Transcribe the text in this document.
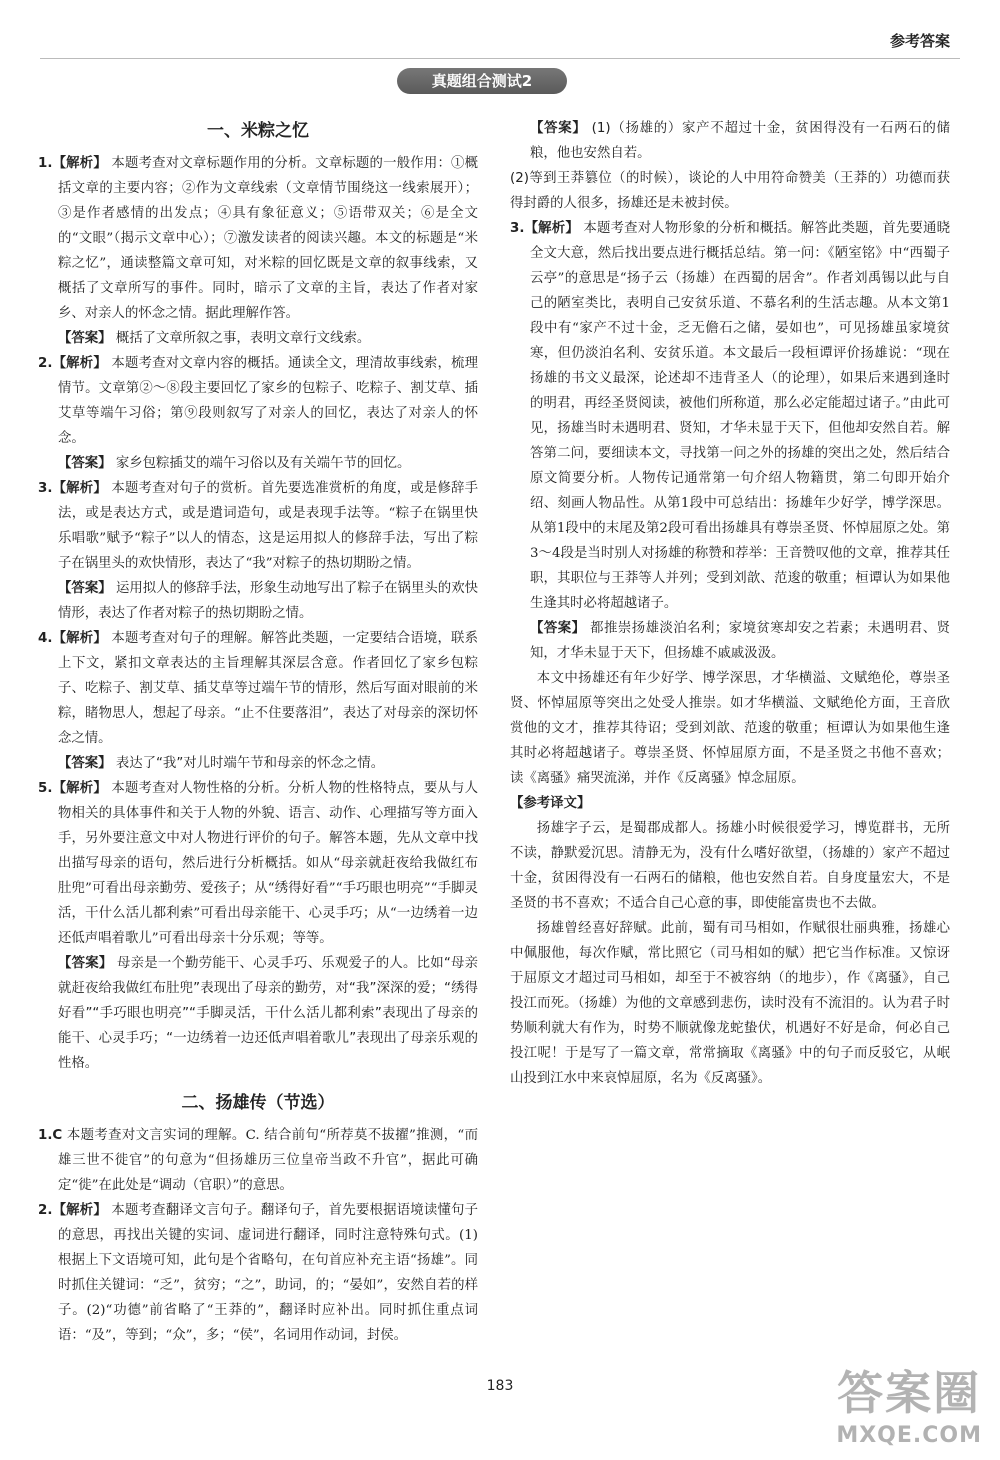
参考答案
真题组合测试2
一、米粽之忆

1.【解析】 本题考查对文章标题作用的分析。文章标题的一般作用：①概括文章的主要内容；②作为文章线索（文章情节围绕这一线索展开）；③是作者感情的出发点；④具有象征意义；⑤语带双关；⑥是全文的“文眼”（揭示文章中心）；⑦激发读者的阅读兴趣。本文的标题是“米粽之忆”，通读整篇文章可知，对米粽的回忆既是文章的叙事线索，又概括了文章所写的事件。同时，暗示了文章的主旨，表达了作者对家乡、对亲人的怀念之情。据此理解作答。

【答案】 概括了文章所叙之事，表明文章行文线索。

2.【解析】 本题考查对文章内容的概括。通读全文，理清故事线索，梳理情节。文章第②～⑧段主要回忆了家乡的包粽子、吃粽子、割艾草、插艾草等端午习俗；第⑨段则叙写了对亲人的回忆，表达了对亲人的怀念。

【答案】 家乡包粽插艾的端午习俗以及有关端午节的回忆。

3.【解析】 本题考查对句子的赏析。首先要选准赏析的角度，或是修辞手法，或是表达方式，或是遣词造句，或是表现手法等。“粽子在锅里快乐唱歌”赋予“粽子”以人的情态，这是运用拟人的修辞手法，写出了粽子在锅里头的欢快情形，表达了“我”对粽子的热切期盼之情。

【答案】 运用拟人的修辞手法，形象生动地写出了粽子在锅里头的欢快情形，表达了作者对粽子的热切期盼之情。

4.【解析】 本题考查对句子的理解。解答此类题，一定要结合语境，联系上下文，紧扣文章表达的主旨理解其深层含意。作者回忆了家乡包粽子、吃粽子、割艾草、插艾草等过端午节的情形，然后写面对眼前的米粽，睹物思人，想起了母亲。“止不住要落泪”，表达了对母亲的深切怀念之情。

【答案】 表达了“我”对儿时端午节和母亲的怀念之情。

5.【解析】 本题考查对人物性格的分析。分析人物的性格特点，要从与人物相关的具体事件和关于人物的外貌、语言、动作、心理描写等方面入手，另外要注意文中对人物进行评价的句子。解答本题，先从文章中找出描写母亲的语句，然后进行分析概括。如从“母亲就赶夜给我做红布肚兜”可看出母亲勤劳、爱孩子；从“绣得好看”“手巧眼也明亮”“手脚灵活，干什么活儿都利索”可看出母亲能干、心灵手巧；从“一边绣着一边还低声唱着歌儿”可看出母亲十分乐观；等等。

【答案】 母亲是一个勤劳能干、心灵手巧、乐观爱子的人。比如“母亲就赶夜给我做红布肚兜”表现出了母亲的勤劳，对“我”深深的爱；“绣得好看”“手巧眼也明亮”“手脚灵活，干什么活儿都利索”表现出了母亲的能干、心灵手巧；“一边绣着一边还低声唱着歌儿”表现出了母亲乐观的性格。

二、扬雄传（节选）

1.C 本题考查对文言实词的理解。C. 结合前句“所荐莫不拔擢”推测，“而雄三世不徙官”的句意为“但扬雄历三位皇帝当政不升官”，据此可确定“徙”在此处是“调动（官职）”的意思。

2.【解析】 本题考查翻译文言句子。翻译句子，首先要根据语境读懂句子的意思，再找出关键的实词、虚词进行翻译，同时注意特殊句式。(1)根据上下文语境可知，此句是个省略句，在句首应补充主语“扬雄”。同时抓住关键词：“乏”，贫穷；“之”，助词，的；“晏如”，安然自若的样子。(2)“功德”前省略了“王莽的”，翻译时应补出。同时抓住重点词语：“及”，等到；“众”，多；“侯”，名词用作动词，封侯。

【答案】 (1)（扬雄的）家产不超过十金，贫困得没有一石两石的储粮，他也安然自若。

(2)等到王莽篡位（的时候），谈论的人中用符命赞美（王莽的）功德而获得封爵的人很多，扬雄还是未被封侯。

3.【解析】 本题考查对人物形象的分析和概括。解答此类题，首先要通晓全文大意，然后找出要点进行概括总结。第一问：《陋室铭》中“西蜀子云亭”的意思是“扬子云（扬雄）在西蜀的居舍”。作者刘禹锡以此与自己的陋室类比，表明自己安贫乐道、不慕名利的生活志趣。从本文第1段中有“家产不过十金，乏无儋石之储，晏如也”，可见扬雄虽家境贫寒，但仍淡泊名利、安贫乐道。本文最后一段桓谭评价扬雄说：“现在扬雄的书文义最深，论述却不违背圣人（的论理），如果后来遇到逢时的明君，再经圣贤阅读，被他们所称道，那么必定能超过诸子。”由此可见，扬雄当时未遇明君、贤知，才华未显于天下，但他却安然自若。解答第二问，要细读本文，寻找第一问之外的扬雄的突出之处，然后结合原文简要分析。人物传记通常第一句介绍人物籍贯，第二句即开始介绍、刻画人物品性。从第1段中可总结出：扬雄年少好学，博学深思。从第1段中的末尾及第2段可看出扬雄具有尊崇圣贤、怀悼屈原之处。第3～4段是当时别人对扬雄的称赞和荐举：王音赞叹他的文章，推荐其任职，其职位与王莽等人并列；受到刘歆、范逡的敬重；桓谭认为如果他生逢其时必将超越诸子。

【答案】 都推崇扬雄淡泊名利；家境贫寒却安之若素；未遇明君、贤知，才华未显于天下，但扬雄不戚戚汲汲。

本文中扬雄还有年少好学、博学深思，才华横溢、文赋绝伦，尊崇圣贤、怀悼屈原等突出之处受人推崇。如才华横溢、文赋绝伦方面，王音欣赏他的文才，推荐其待诏；受到刘歆、范逡的敬重；桓谭认为如果他生逢其时必将超越诸子。尊崇圣贤、怀悼屈原方面，不是圣贤之书他不喜欢；读《离骚》痛哭流涕，并作《反离骚》悼念屈原。

【参考译文】

扬雄字子云，是蜀郡成都人。扬雄小时候很爱学习，博览群书，无所不读，静默爱沉思。清静无为，没有什么嗜好欲望，（扬雄的）家产不超过十金，贫困得没有一石两石的储粮，他也安然自若。自身度量宏大，不是圣贤的书不喜欢；不适合自己心意的事，即使能富贵也不去做。

扬雄曾经喜好辞赋。此前，蜀有司马相如，作赋很壮丽典雅，扬雄心中佩服他，每次作赋，常比照它（司马相如的赋）把它当作标准。又惊讶于屈原文才超过司马相如，却至于不被容纳（的地步），作《离骚》，自己投江而死。（扬雄）为他的文章感到悲伤，读时没有不流泪的。认为君子时势顺利就大有作为，时势不顺就像龙蛇蛰伏，机遇好不好是命，何必自己投江呢！于是写了一篇文章，常常摘取《离骚》中的句子而反驳它，从岷山投到江水中来哀悼屈原，名为《反离骚》。

183	答案圈
MXQE.COM
